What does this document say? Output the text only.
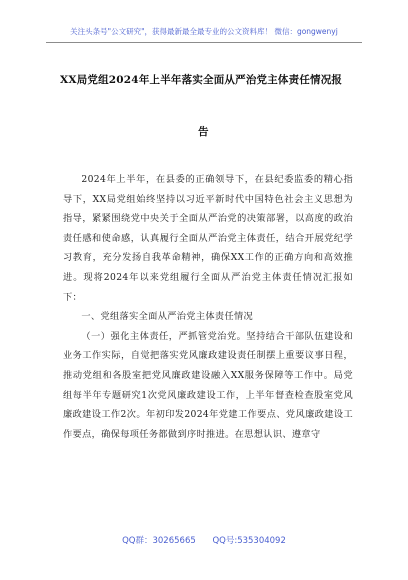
关注头条号"公文研究"，获得最新最全最专业的公文资料库！ 微信：gongwenyj
XX局党组2024年上半年落实全面从严治党主体责任情况报
告

2024年上半年，在县委的正确领导下，在县纪委监委的精心指导下，XX局党组始终坚持以习近平新时代中国特色社会主义思想为指导，紧紧围绕党中央关于全面从严治党的决策部署，以高度的政治责任感和使命感，认真履行全面从严治党主体责任，结合开展党纪学习教育，充分发扬自我革命精神，确保XX工作的正确方向和高效推进。现将2024年以来党组履行全面从严治党主体责任情况汇报如下：

一、党组落实全面从严治党主体责任情况

（一）强化主体责任，严抓管党治党。坚持结合干部队伍建设和业务工作实际，自觉把落实党风廉政建设责任制摆上重要议事日程，推动党组和各股室把党风廉政建设融入XX服务保障等工作中。局党组每半年专题研究1次党风廉政建设工作，上半年督查检查股室党风廉政建设工作2次。年初印发2024年党建工作要点、党风廉政建设工作要点，确保每项任务都做到序时推进。在思想认识、遵章守

QQ群：30265665 QQ号:535304092
